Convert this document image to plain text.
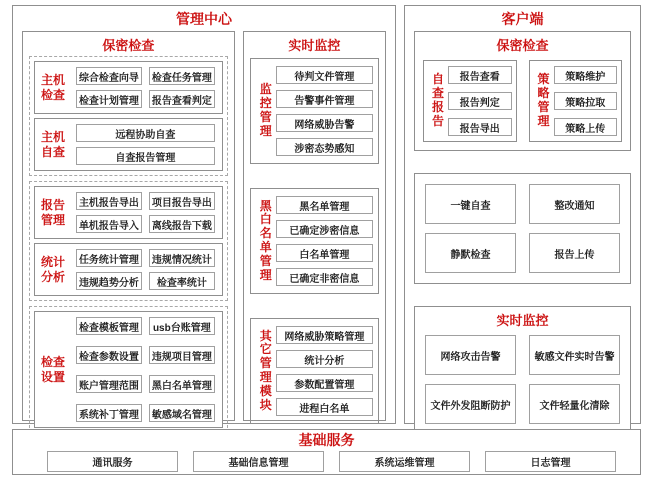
管理中心
保密检查
主机检查
综合检查向导 检查任务管理
检查计划管理 报告查看判定
主机自查
远程协助自查
自查报告管理
报告管理
主机报告导出 项目报告导出
单机报告导入 离线报告下载
统计分析
任务统计管理 违规情况统计
违规趋势分析	检查率统计
检查设置
检查模板管理	usb台账管理
检查参数设置 违规项目管理
账户管理范围 黑白名单管理
系统补丁管理 敏感域名管理
实时监控
监控管理
待判文件管理
告警事件管理
网络威胁告警
涉密态势感知
黑白名单管理
黑名单管理
已确定涉密信息
白名单管理
已确定非密信息
其它管理模块
网络威胁策略管理
统计分析
参数配置管理
进程白名单
客户端
保密检查
自查报告
报告查看
报告判定
报告导出
策略管理
策略维护
策略拉取
策略上传
一键自查	整改通知
静默检查	报告上传
实时监控
网络攻击告警	敏感文件实时告警
文件外发阻断防护	文件轻量化清除
基础服务
通讯服务	基础信息管理	系统运维管理	日志管理
